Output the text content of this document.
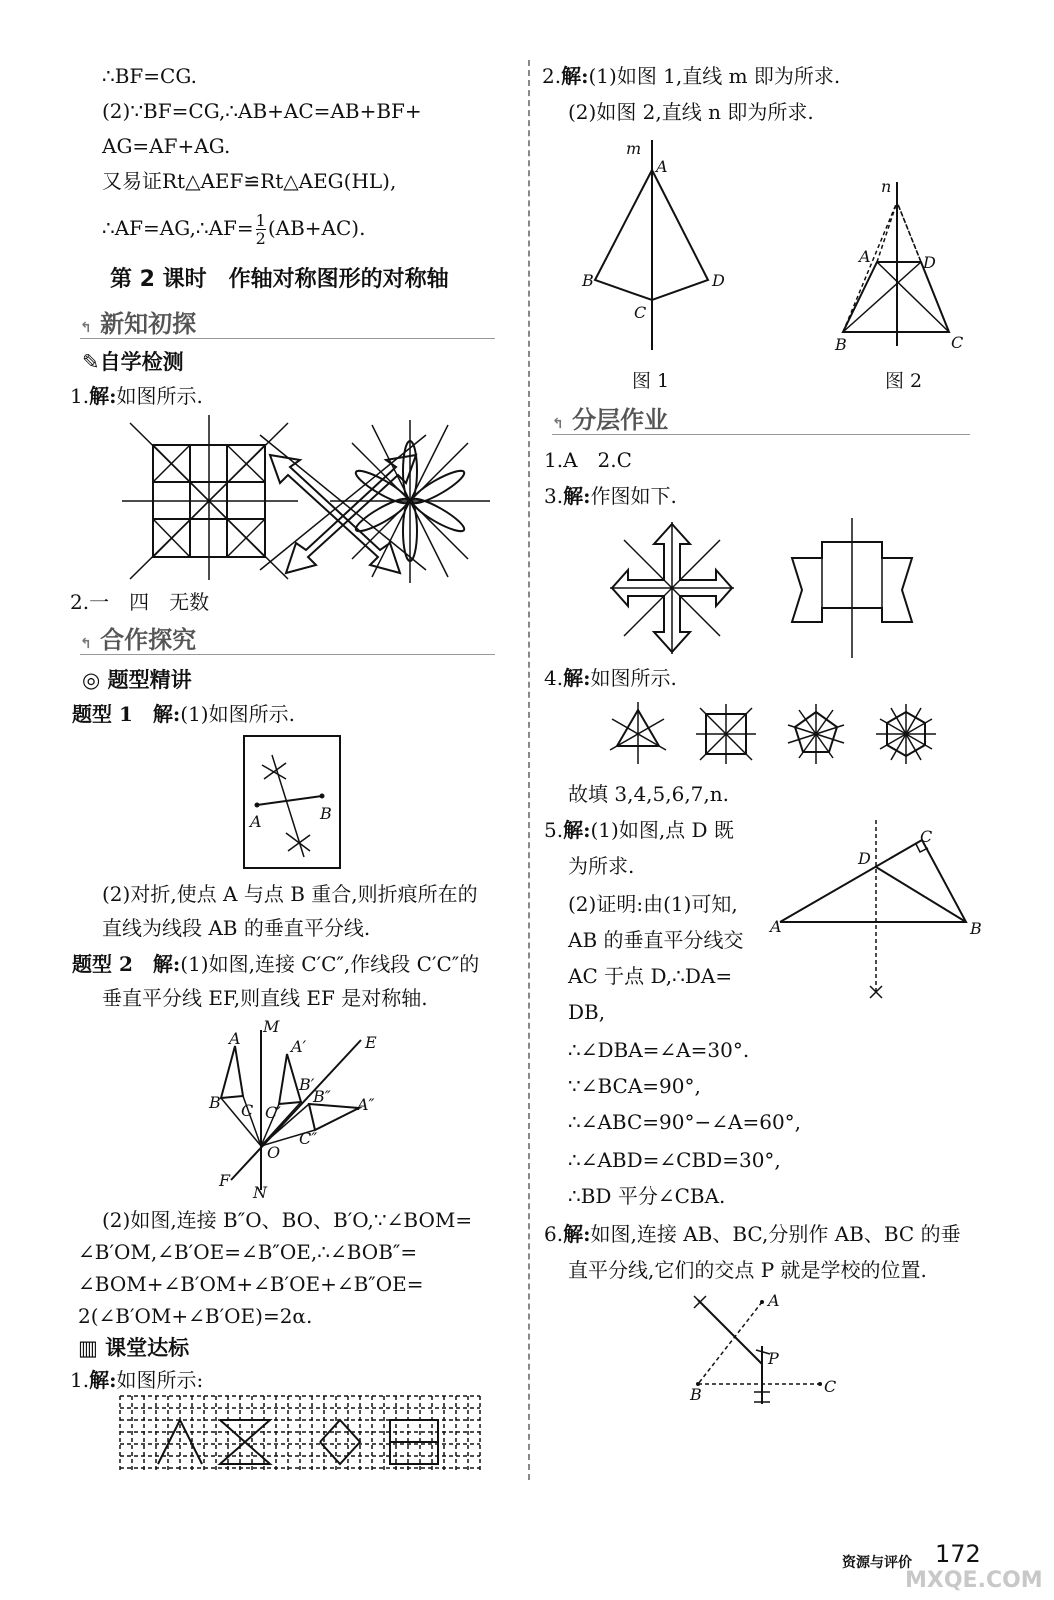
∴BF=CG.
(2)∵BF=CG,∴AB+AC=AB+BF+
AG=AF+AG.
又易证Rt△AEF≌Rt△AEG(HL),
∴AF=AG,∴AF= $\frac{1}{2} (AB+AC)$.
第 2 课时　作轴对称图形的对称轴
↰ 新知初探
✎自学检测
1.解:如图所示.
2.一　四　无数
↰ 合作探究
◎ 题型精讲
题型 1　解:(1)如图所示.
A	B
(2)对折,使点 A 与点 B 重合,则折痕所在的
直线为线段 AB 的垂直平分线.
题型 2　解:(1)如图,连接 C′C″,作线段 C′C″的
垂直平分线 EF,则直线 EF 是对称轴.
M
E
A	A′
B
B′
B″ A″
C C′
C″
O
F
N
(2)如图,连接 B″O、BO、B′O,∵∠BOM=
∠B′OM,∠B′OE=∠B″OE,∴∠BOB″=
∠BOM+∠B′OM+∠B′OE+∠B″OE=
2(∠B′OM+∠B′OE)=2α.
▥ 课堂达标
1.解:如图所示:
2.解:(1)如图 1,直线 m 即为所求.
(2)如图 2,直线 n 即为所求.
m
A
B
C
D
图 1
n
A	D
B	C
图 2
↰ 分层作业
1.A　2.C
3.解:作图如下.
4.解:如图所示.
故填 3,4,5,6,7,n.
5.解:(1)如图,点 D 既
为所求.
(2)证明:由(1)可知,
AB 的垂直平分线交
AC 于点 D,∴DA=
DB,
∴∠DBA=∠A=30°.
∵∠BCA=90°,
∴∠ABC=90°−∠A=60°,
∴∠ABD=∠CBD=30°,
∴BD 平分∠CBA.
A	B
C
D
6.解:如图,连接 AB、BC,分别作 AB、BC 的垂
直平分线,它们的交点 P 就是学校的位置.
A
B	C
P
资源与评价 172
MXQE.COM
